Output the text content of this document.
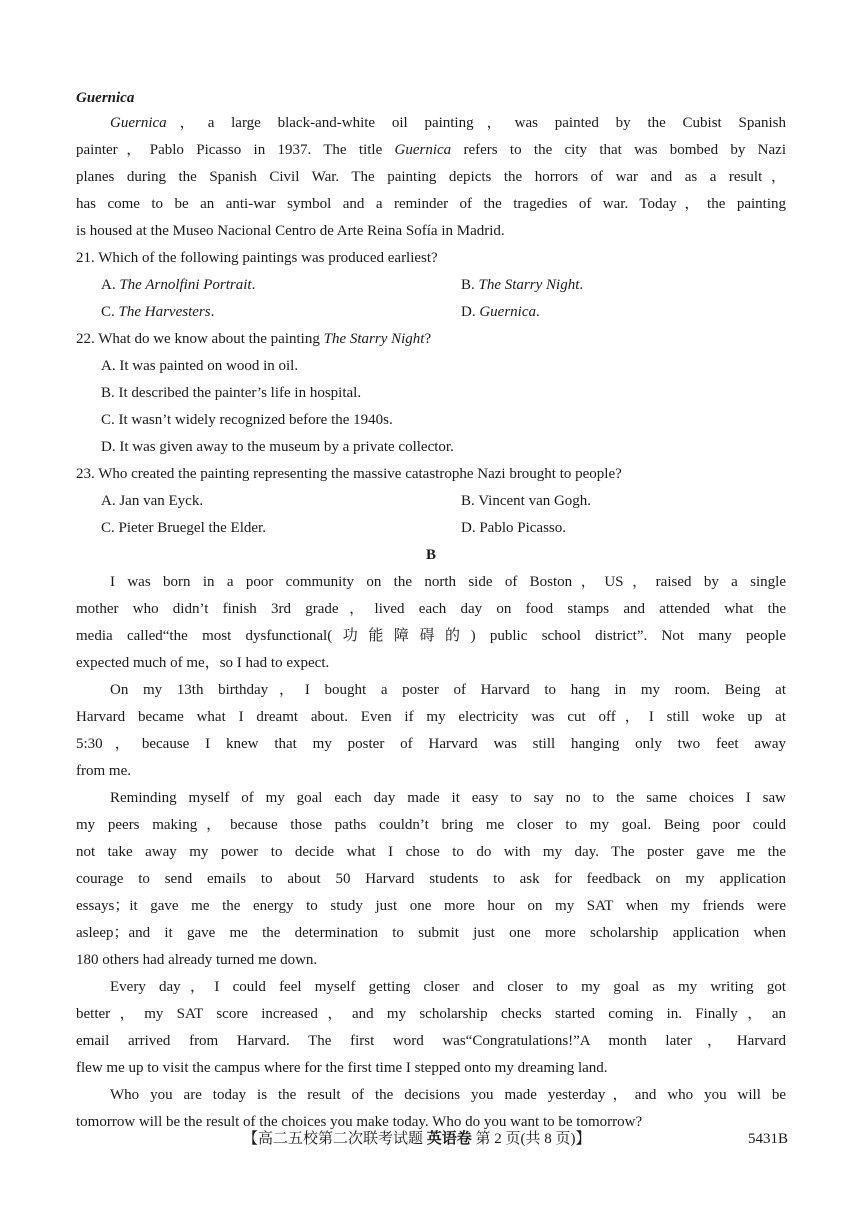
Guernica
Guernica，a large black-and-white oil painting，was painted by the Cubist Spanish
painter，Pablo Picasso in 1937. The title Guernica refers to the city that was bombed by Nazi
planes during the Spanish Civil War. The painting depicts the horrors of war and as a result，
has come to be an anti-war symbol and a reminder of the tragedies of war. Today，the painting
is housed at the Museo Nacional Centro de Arte Reina Sofía in Madrid.
21. Which of the following paintings was produced earliest?
A. The Arnolfini Portrait.	B. The Starry Night.
C. The Harvesters.	D. Guernica.
22. What do we know about the painting The Starry Night?
A. It was painted on wood in oil.
B. It described the painter’s life in hospital.
C. It wasn’t widely recognized before the 1940s.
D. It was given away to the museum by a private collector.
23. Who created the painting representing the massive catastrophe Nazi brought to people?
A. Jan van Eyck.	B. Vincent van Gogh.
C. Pieter Bruegel the Elder.	D. Pablo Picasso.
B
I was born in a poor community on the north side of Boston，US，raised by a single
mother who didn’t finish 3rd grade，lived each day on food stamps and attended what the
media called“the most dysfunctional(功能障碍的) public school district”. Not many people
expected much of me，so I had to expect.
On my 13th birthday，I bought a poster of Harvard to hang in my room. Being at
Harvard became what I dreamt about. Even if my electricity was cut off，I still woke up at
5:30，because I knew that my poster of Harvard was still hanging only two feet away
from me.
Reminding myself of my goal each day made it easy to say no to the same choices I saw
my peers making，because those paths couldn’t bring me closer to my goal. Being poor could
not take away my power to decide what I chose to do with my day. The poster gave me the
courage to send emails to about 50 Harvard students to ask for feedback on my application
essays；it gave me the energy to study just one more hour on my SAT when my friends were
asleep；and it gave me the determination to submit just one more scholarship application when
180 others had already turned me down.
Every day，I could feel myself getting closer and closer to my goal as my writing got
better，my SAT score increased，and my scholarship checks started coming in. Finally，an
email arrived from Harvard. The first word was“Congratulations!”A month later，Harvard
flew me up to visit the campus where for the first time I stepped onto my dreaming land.
Who you are today is the result of the decisions you made yesterday，and who you will be
tomorrow will be the result of the choices you make today. Who do you want to be tomorrow?
【高二五校第二次联考试题 英语卷 第 2 页(共 8 页)】	5431B
